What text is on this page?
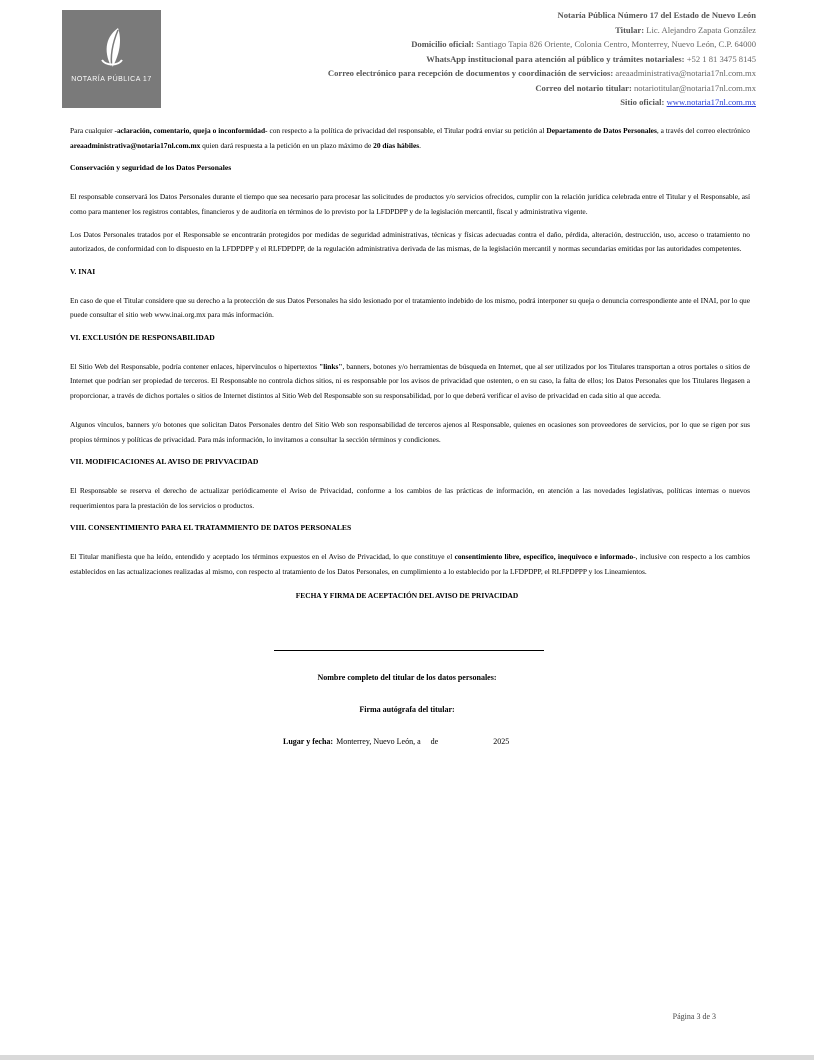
NOTARÍA PÚBLICA 17
Notaría Pública Número 17 del Estado de Nuevo León
Titular: Lic. Alejandro Zapata González
Domicilio oficial: Santiago Tapia 826 Oriente, Colonia Centro, Monterrey, Nuevo León, C.P. 64000
WhatsApp institucional para atención al público y trámites notariales: +52 1 81 3475 8145
Correo electrónico para recepción de documentos y coordinación de servicios: areaadministrativa@notaria17nl.com.mx
Correo del notario titular: notariotitular@notaria17nl.com.mx
Sitio oficial: www.notaria17nl.com.mx

Para cualquier -aclaración, comentario, queja o inconformidad- con respecto a la política de privacidad del responsable, el Titular podrá enviar su petición al Departamento de Datos Personales, a través del correo electrónico areaadministrativa@notaria17nl.com.mx quien dará respuesta a la petición en un plazo máximo de 20 días hábiles.

Conservación y seguridad de los Datos Personales

El responsable conservará los Datos Personales durante el tiempo que sea necesario para procesar las solicitudes de productos y/o servicios ofrecidos, cumplir con la relación jurídica celebrada entre el Titular y el Responsable, así como para mantener los registros contables, financieros y de auditoría en términos de lo previsto por la LFDPDPP y de la legislación mercantil, fiscal y administrativa vigente.

Los Datos Personales tratados por el Responsable se encontrarán protegidos por medidas de seguridad administrativas, técnicas y físicas adecuadas contra el daño, pérdida, alteración, destrucción, uso, acceso o tratamiento no autorizados, de conformidad con lo dispuesto en la LFDPDPP y el RLFDPDPP, de la regulación administrativa derivada de las mismas, de la legislación mercantil y normas secundarias emitidas por las autoridades competentes.

V. INAI

En caso de que el Titular considere que su derecho a la protección de sus Datos Personales ha sido lesionado por el tratamiento indebido de los mismo, podrá interponer su queja o denuncia correspondiente ante el INAI, por lo que puede consultar el sitio web www.inai.org.mx para más información.

VI. EXCLUSIÓN DE RESPONSABILIDAD

El Sitio Web del Responsable, podría contener enlaces, hipervínculos o hipertextos "links", banners, botones y/o herramientas de búsqueda en Internet, que al ser utilizados por los Titulares transportan a otros portales o sitios de Internet que podrían ser propiedad de terceros. El Responsable no controla dichos sitios, ni es responsable por los avisos de privacidad que ostenten, o en su caso, la falta de ellos; los Datos Personales que los Titulares llegasen a proporcionar, a través de dichos portales o sitios de Internet distintos al Sitio Web del Responsable son su responsabilidad, por lo que deberá verificar el aviso de privacidad en cada sitio al que acceda.

Algunos vínculos, banners y/o botones que solicitan Datos Personales dentro del Sitio Web son responsabilidad de terceros ajenos al Responsable, quienes en ocasiones son proveedores de servicios, por lo que se rigen por sus propios términos y políticas de privacidad. Para más información, lo invitamos a consultar la sección términos y condiciones.

VII. MODIFICACIONES AL AVISO DE PRIVVACIDAD

El Responsable se reserva el derecho de actualizar periódicamente el Aviso de Privacidad, conforme a los cambios de las prácticas de información, en atención a las novedades legislativas, políticas internas o nuevos requerimientos para la prestación de los servicios o productos.

VIII. CONSENTIMIENTO PARA EL TRATAMMIENTO DE DATOS PERSONALES

El Titular manifiesta que ha leído, entendido y aceptado los términos expuestos en el Aviso de Privacidad, lo que constituye el consentimiento libre, específico, inequívoco e informado-, inclusive con respecto a los cambios establecidos en las actualizaciones realizadas al mismo, con respecto al tratamiento de los Datos Personales, en cumplimiento a lo establecido por la LFDPDPP, el RLFPDPPP y los Lineamientos.

FECHA Y FIRMA DE ACEPTACIÓN DEL AVISO DE PRIVACIDAD
Nombre completo del titular de los datos personales:
Firma autógrafa del titular:
Lugar y fecha: Monterrey, Nuevo León, a de	2025
Página 3 de 3
